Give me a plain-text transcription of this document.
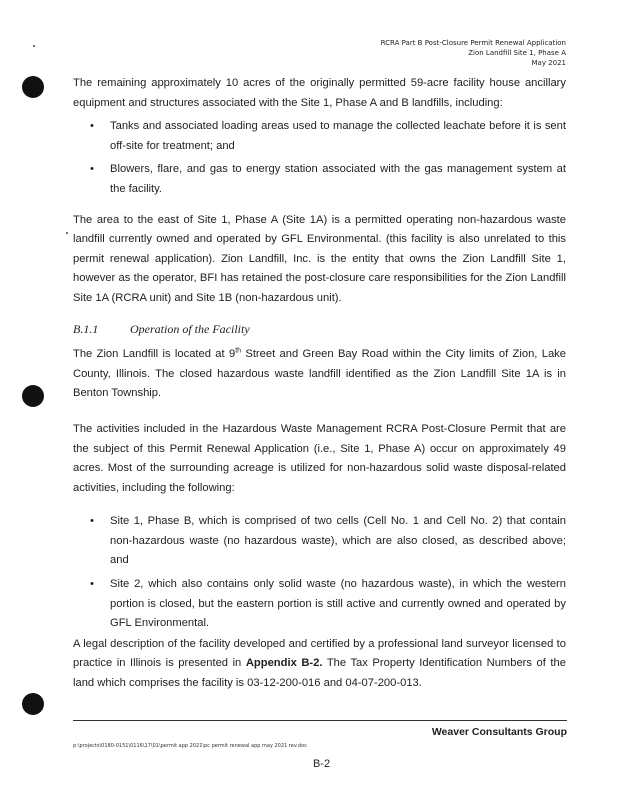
RCRA Part B Post-Closure Permit Renewal Application
Zion Landfill Site 1, Phase A
May 2021

The remaining approximately 10 acres of the originally permitted 59-acre facility house ancillary equipment and structures associated with the Site 1, Phase A and B landfills, including:

• Tanks and associated loading areas used to manage the collected leachate before it is sent off-site for treatment; and
• Blowers, flare, and gas to energy station associated with the gas management system at the facility.

The area to the east of Site 1, Phase A (Site 1A) is a permitted operating non-hazardous waste landfill currently owned and operated by GFL Environmental. (this facility is also unrelated to this permit renewal application). Zion Landfill, Inc. is the entity that owns the Zion Landfill Site 1, however as the operator, BFI has retained the post-closure care responsibilities for the Zion Landfill Site 1A (RCRA unit) and Site 1B (non-hazardous unit).

B.1.1	Operation of the Facility

The Zion Landfill is located at 9th Street and Green Bay Road within the City limits of Zion, Lake County, Illinois. The closed hazardous waste landfill identified as the Zion Landfill Site 1A is in Benton Township.

The activities included in the Hazardous Waste Management RCRA Post-Closure Permit that are the subject of this Permit Renewal Application (i.e., Site 1, Phase A) occur on approximately 49 acres. Most of the surrounding acreage is utilized for non-hazardous solid waste disposal-related activities, including the following:

• Site 1, Phase B, which is comprised of two cells (Cell No. 1 and Cell No. 2) that contain non-hazardous waste (no hazardous waste), which are also closed, as described above; and
• Site 2, which also contains only solid waste (no hazardous waste), in which the western portion is closed, but the eastern portion is still active and currently owned and operated by GFL Environmental.

A legal description of the facility developed and certified by a professional land surveyor licensed to practice in Illinois is presented in Appendix B-2. The Tax Property Identification Numbers of the land which comprises the facility is 03-12-200-016 and 04-07-200-013.

Weaver Consultants Group
p:\projects\0180-0151\0116\17\01\permit app 2021\pc permit renewal app may 2021 rev.doc
B-2
